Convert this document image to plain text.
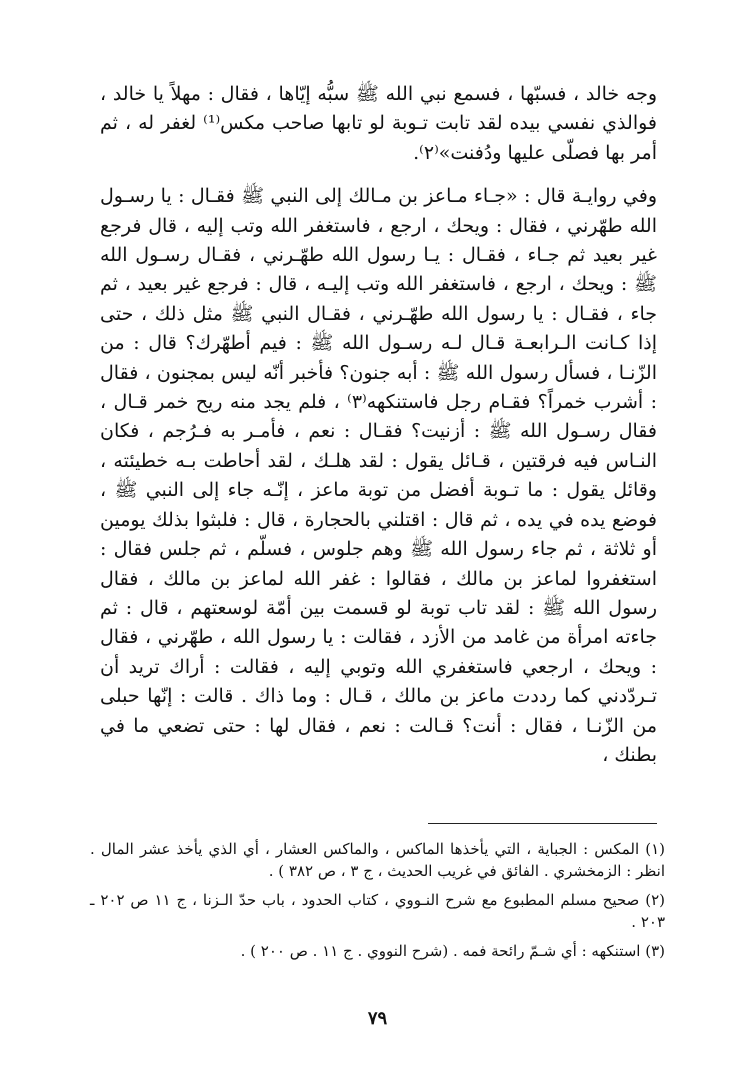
وجه خالد ، فسبّها ، فسمع نبي الله ﷺ سبُّه إيّاها ، فقال : مهلاً يا خالد ، فوالذي نفسي بيده لقد تابت تـوبة لو تابها صاحب مكس⁽¹⁾ لغفر له ، ثم أمر بها فصلّى عليها ودُفنت»⁽٢⁾.

وفي روايـة قال : «جـاء مـاعز بن مـالك إلى النبي ﷺ فقـال : يا رسـول الله طهّرني ، فقال : ويحك ، ارجع ، فاستغفر الله وتب إليه ، قال فرجع غير بعيد ثم جـاء ، فقـال : يـا رسول الله طهّـرني ، فقـال رسـول الله ﷺ : ويحك ، ارجع ، فاستغفر الله وتب إليـه ، قال : فرجع غير بعيد ، ثم جاء ، فقـال : يا رسول الله طهّـرني ، فقـال النبي ﷺ مثل ذلك ، حتى إذا كـانت الـرابعـة قـال لـه رسـول الله ﷺ : فيم أطهّرك؟ قال : من الزّنـا ، فسأل رسول الله ﷺ : أبه جنون؟ فأخبر أنّه ليس بمجنون ، فقال : أشرب خمراً؟ فقـام رجل فاستنكهه⁽٣⁾ ، فلم يجد منه ريح خمر قـال ، فقال رسـول الله ﷺ : أزنيت؟ فقـال : نعم ، فأمـر به فـرُجم ، فكان النـاس فيه فرقتين ، قـائل يقول : لقد هلـك ، لقد أحاطت بـه خطيئته ، وقائل يقول : ما تـوبة أفضل من توبة ماعز ، إنّـه جاء إلى النبي ﷺ ، فوضع يده في يده ، ثم قال : اقتلني بالحجارة ، قال : فلبثوا بذلك يومين أو ثلاثة ، ثم جاء رسول الله ﷺ وهم جلوس ، فسلّم ، ثم جلس فقال : استغفروا لماعز بن مالك ، فقالوا : غفر الله لماعز بن مالك ، فقال رسول الله ﷺ : لقد تاب توبة لو قسمت بين أمّة لوسعتهم ، قال : ثم جاءته امرأة من غامد من الأزد ، فقالت : يا رسول الله ، طهّرني ، فقال : ويحك ، ارجعي فاستغفري الله وتوبي إليه ، فقالت : أراك تريد أن تـردّدني كما رددت ماعز بن مالك ، قـال : وما ذاك . قالت : إنّها حبلى من الزّنـا ، فقال : أنت؟ قـالت : نعم ، فقال لها : حتى تضعي ما في بطنك ،

(١) المكس : الجباية ، التي يأخذها الماكس ، والماكس العشار ، أي الذي يأخذ عشر المال . انظر : الزمخشري . الفائق في غريب الحديث ، ج ٣ ، ص ٣٨٢ ) .

(٢) صحيح مسلم المطبوع مع شرح النـووي ، كتاب الحدود ، باب حدّ الـزنا ، ج ١١ ص ٢٠٢ ـ ٢٠٣ .

(٣) استنكهه : أي شـمّ رائحة فمه . (شرح النووي . ج ١١ . ص ٢٠٠ ) .

٧٩
